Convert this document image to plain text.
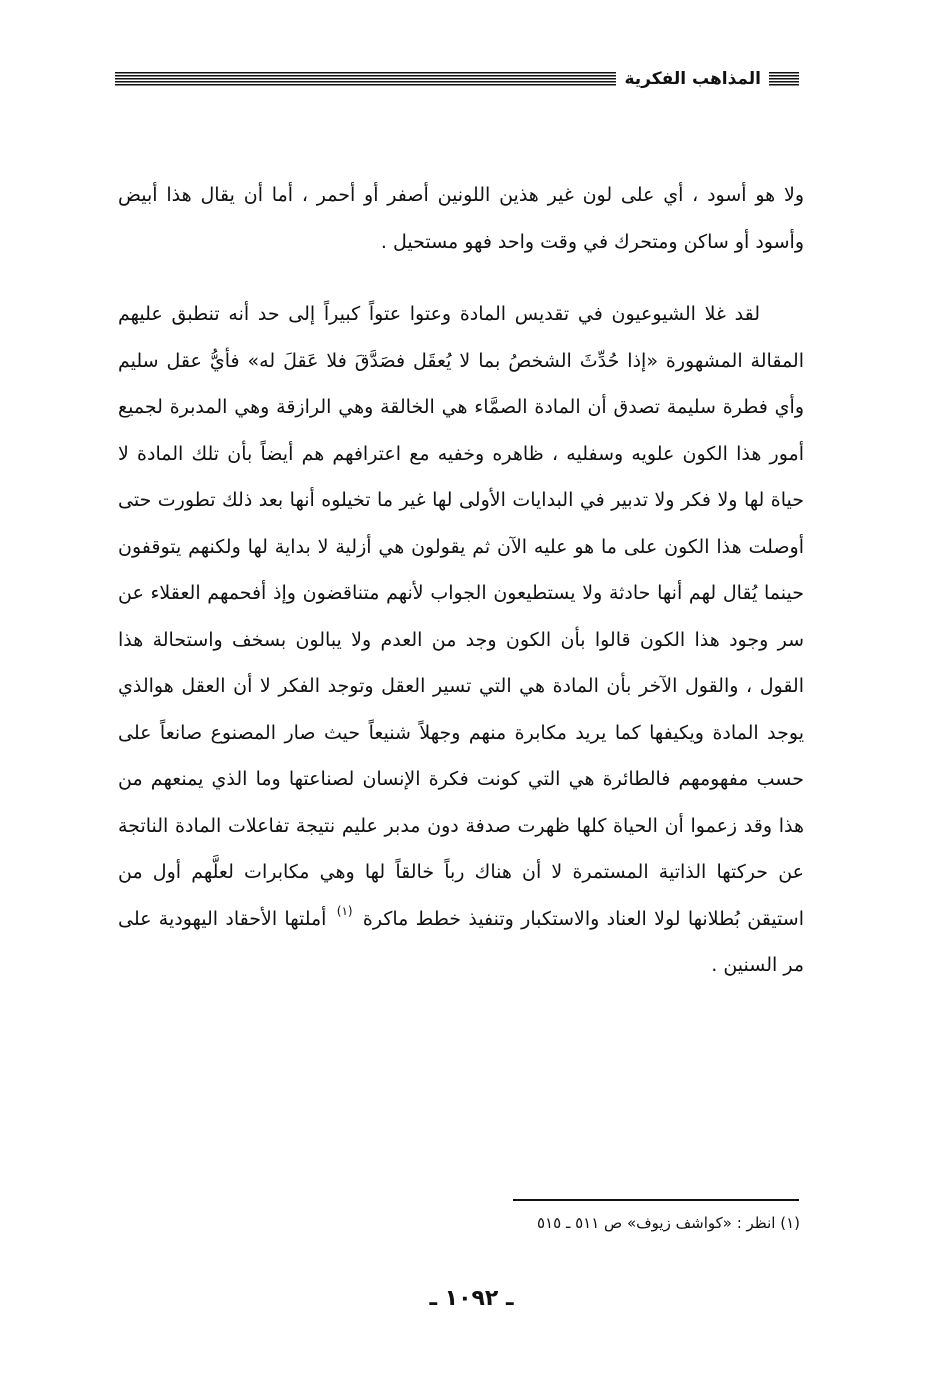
المذاهب الفكرية

ولا هو أسود ، أي على لون غير هذين اللونين أصفر أو أحمر ، أما أن يقال هذا أبيض وأسود أو ساكن ومتحرك في وقت واحد فهو مستحيل .

لقد غلا الشيوعيون في تقديس المادة وعتوا عتواً كبيراً إلى حد أنه تنطبق عليهم المقالة المشهورة «إذا حُدِّثَ الشخصُ بما لا يُعقَل فصَدَّقَ فلا عَقلَ له» فأيُّ عقل سليم وأي فطرة سليمة تصدق أن المادة الصمَّاء هي الخالقة وهي الرازقة وهي المدبرة لجميع أمور هذا الكون علويه وسفليه ، ظاهره وخفيه مع اعترافهم هم أيضاً بأن تلك المادة لا حياة لها ولا فكر ولا تدبير في البدايات الأولى لها غير ما تخيلوه أنها بعد ذلك تطورت حتى أوصلت هذا الكون على ما هو عليه الآن ثم يقولون هي أزلية لا بداية لها ولكنهم يتوقفون حينما يُقال لهم أنها حادثة ولا يستطيعون الجواب لأنهم متناقضون وإذ أفحمهم العقلاء عن سر وجود هذا الكون قالوا بأن الكون وجد من العدم ولا يبالون بسخف واستحالة هذا القول ، والقول الآخر بأن المادة هي التي تسير العقل وتوجد الفكر لا أن العقل هوالذي يوجد المادة ويكيفها كما يريد مكابرة منهم وجهلاً شنيعاً حيث صار المصنوع صانعاً على حسب مفهومهم فالطائرة هي التي كونت فكرة الإنسان لصناعتها وما الذي يمنعهم من هذا وقد زعموا أن الحياة كلها ظهرت صدفة دون مدبر عليم نتيجة تفاعلات المادة الناتجة عن حركتها الذاتية المستمرة لا أن هناك رباً خالقاً لها وهي مكابرات لعلَّهم أول من استيقن بُطلانها لولا العناد والاستكبار وتنفيذ خطط ماكرة $^{(١)}$ أملتها الأحقاد اليهودية على مر السنين .

(١) انظر : «كواشف زيوف» ص ٥١١ ـ ٥١٥
ـ ١٠٩٢ ـ
